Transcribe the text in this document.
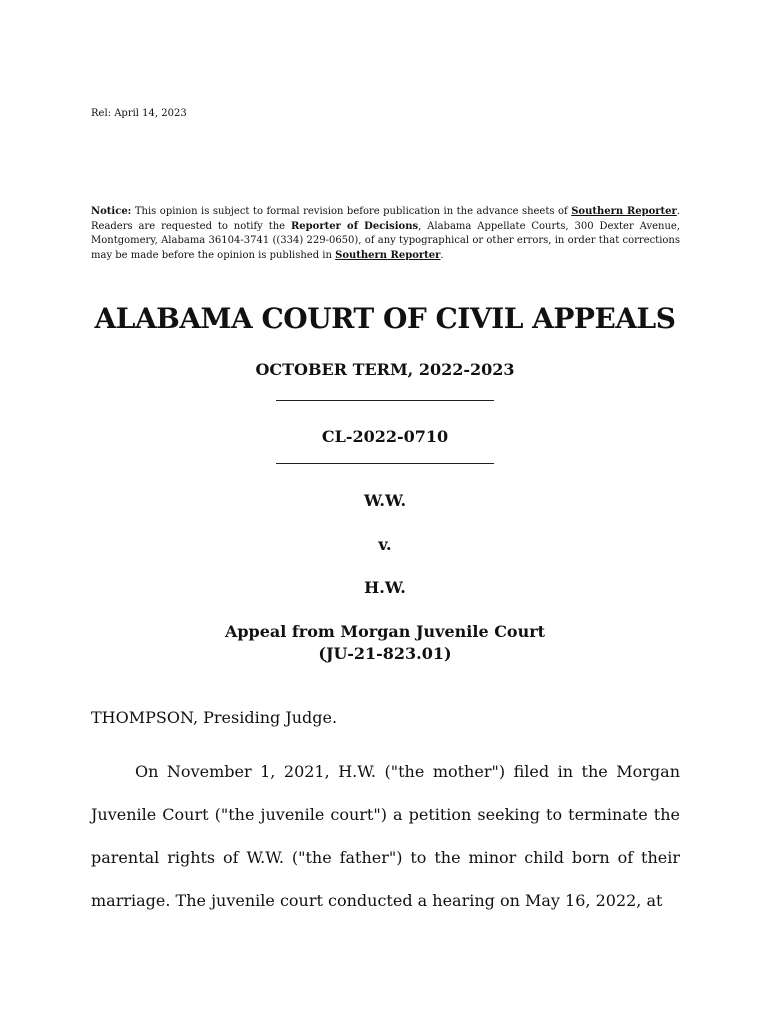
Rel: April 14, 2023
Notice: This opinion is subject to formal revision before publication in the advance sheets of Southern Reporter. Readers are requested to notify the Reporter of Decisions, Alabama Appellate Courts, 300 Dexter Avenue, Montgomery, Alabama 36104-3741 ((334) 229-0650), of any typographical or other errors, in order that corrections may be made before the opinion is published in Southern Reporter.
ALABAMA COURT OF CIVIL APPEALS
OCTOBER TERM, 2022-2023
CL-2022-0710
W.W.
v.
H.W.
Appeal from Morgan Juvenile Court
(JU-21-823.01)
THOMPSON, Presiding Judge.
On November 1, 2021, H.W. ("the mother") filed in the Morgan Juvenile Court ("the juvenile court") a petition seeking to terminate the parental rights of W.W. ("the father") to the minor child born of their marriage. The juvenile court conducted a hearing on May 16, 2022, at
